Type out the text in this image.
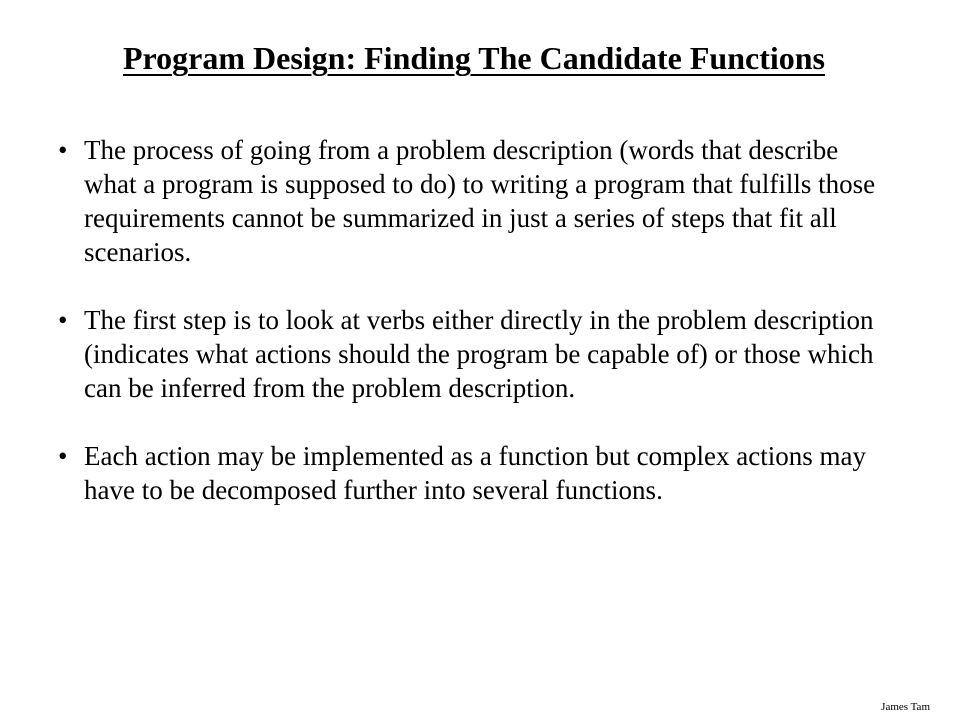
Program Design: Finding The Candidate Functions
• The process of going from a problem description (words that describe what a program is supposed to do) to writing a program that fulfills those requirements cannot be summarized in just a series of steps that fit all scenarios.
• The first step is to look at verbs either directly in the problem description (indicates what actions should the program be capable of) or those which can be inferred from the problem description.
• Each action may be implemented as a function but complex actions may have to be decomposed further into several functions.
James Tam
